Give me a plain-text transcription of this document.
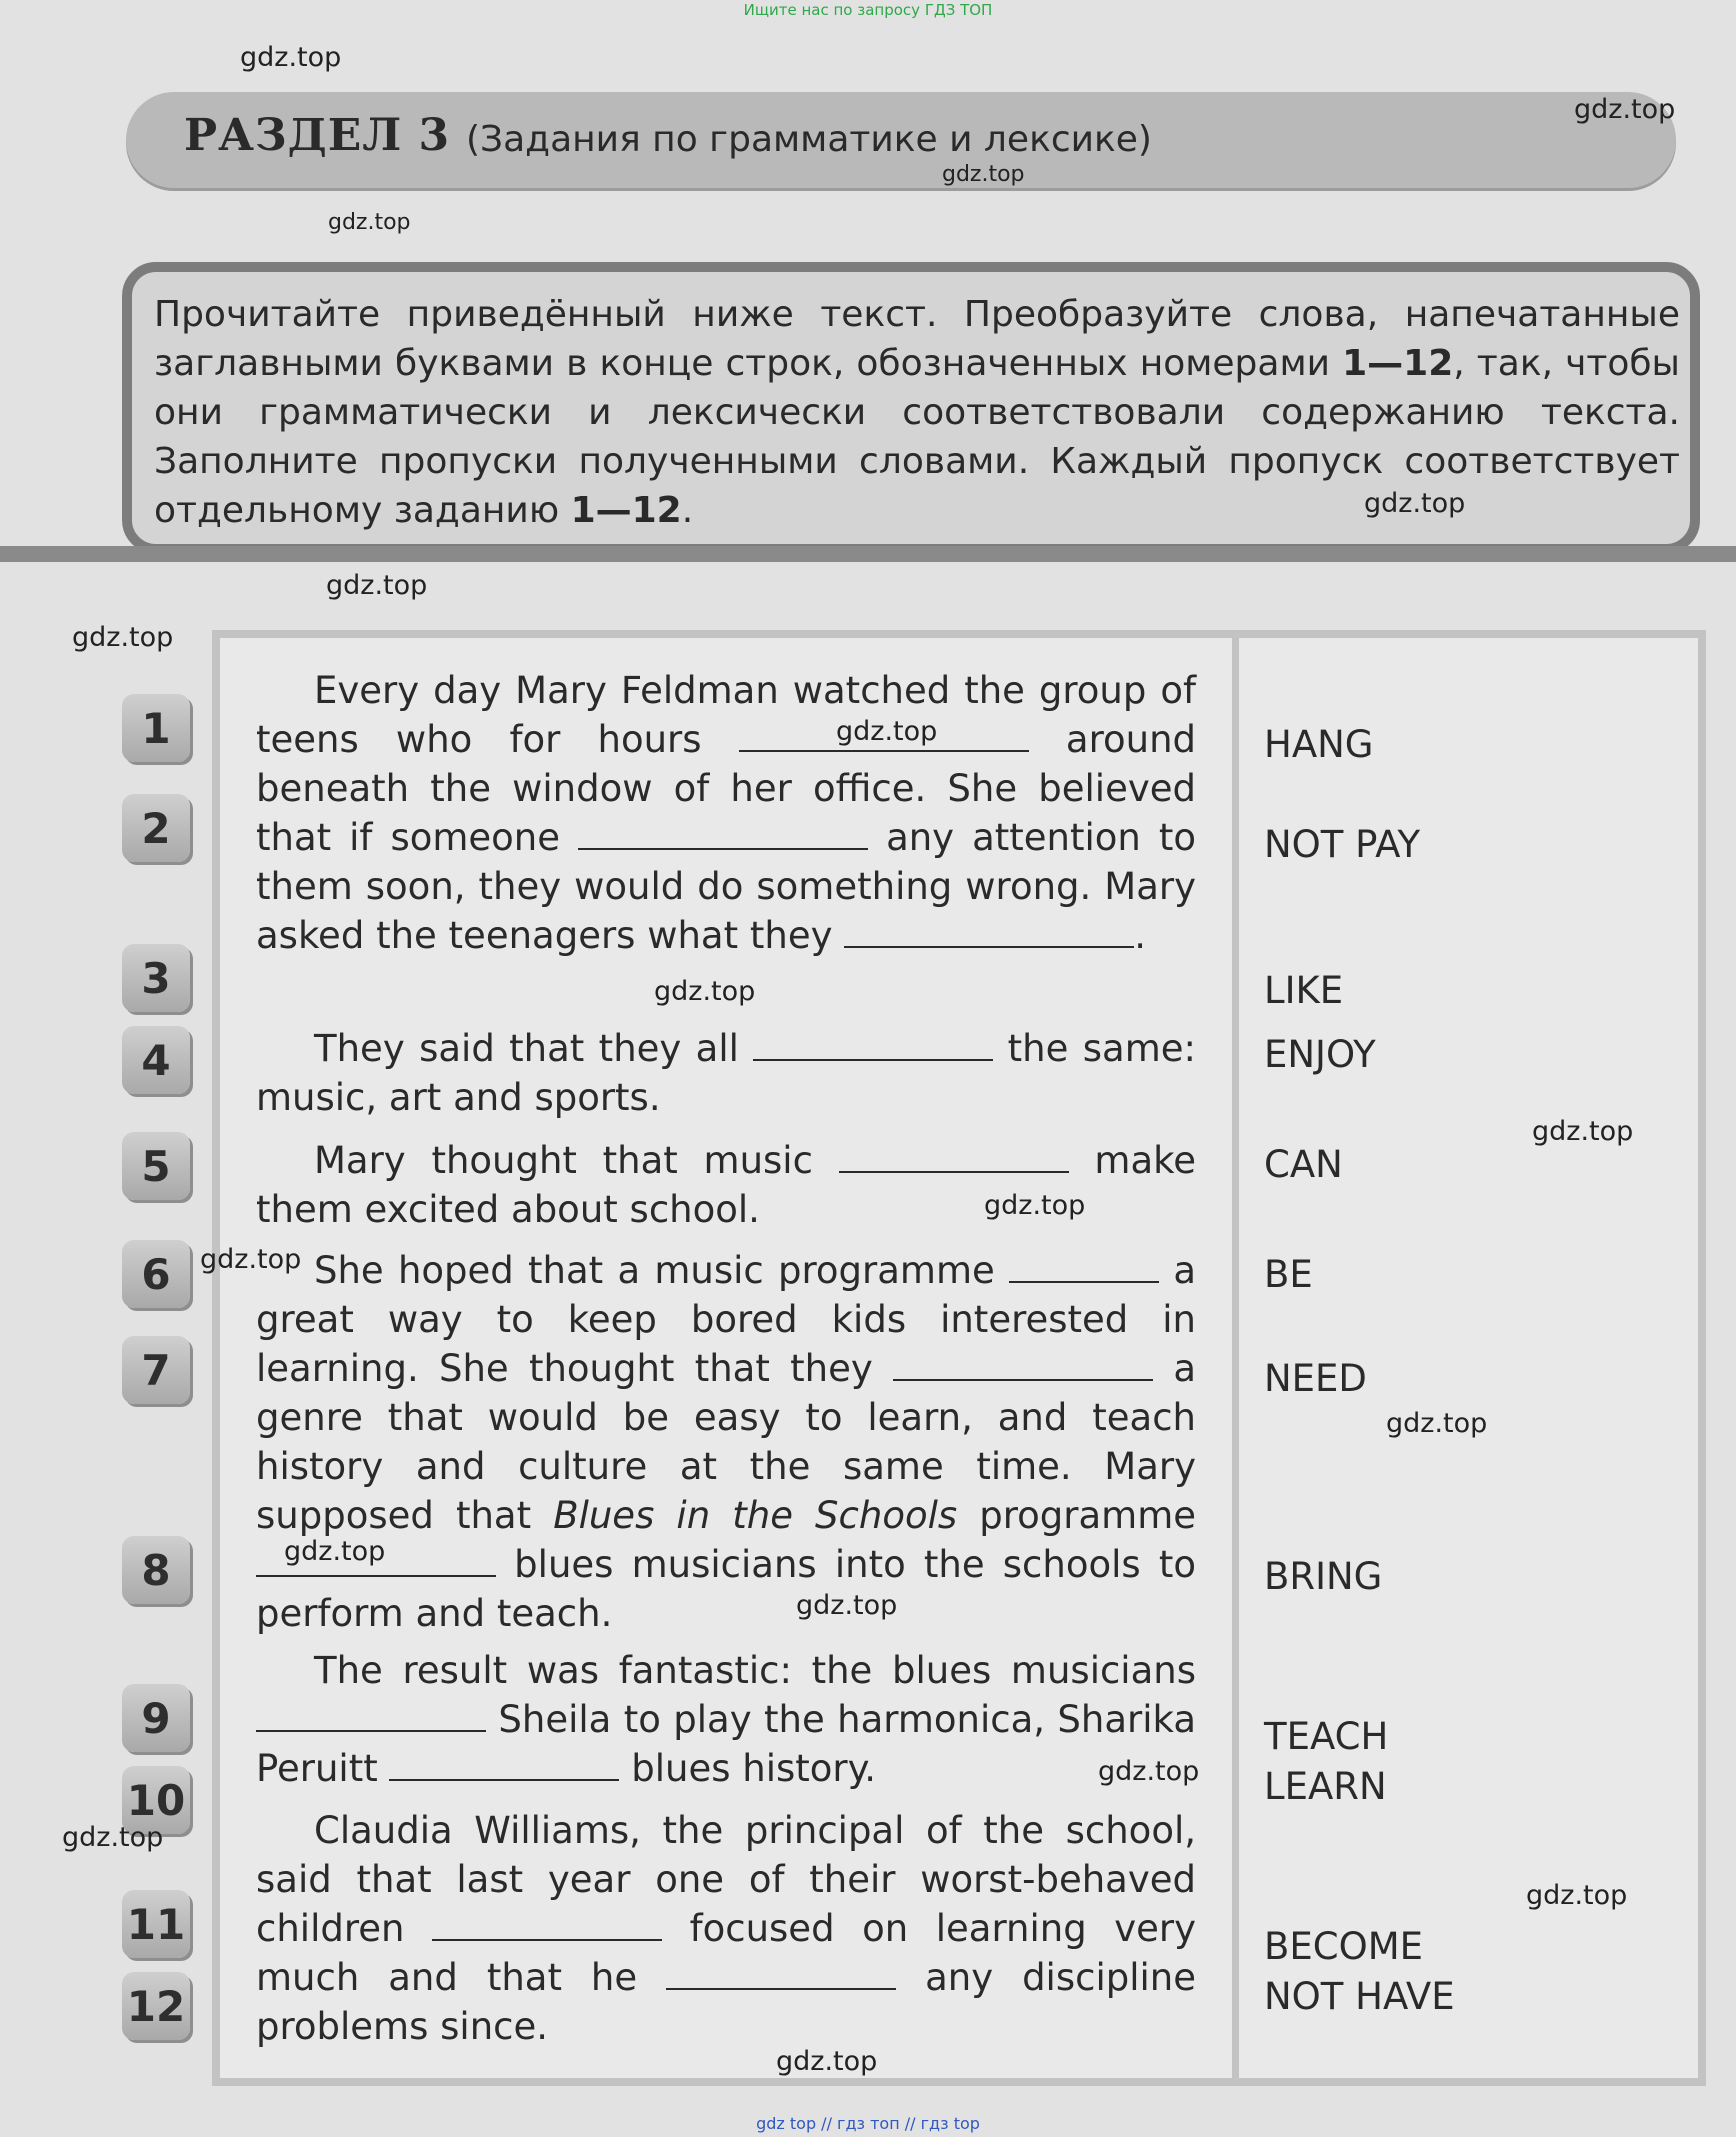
Ищите нас по запросу ГДЗ ТОП
РАЗДЕЛ 3 (Задания по грамматике и лексике)
Прочитайте приведённый ниже текст. Преобразуйте слова, напечатанные заглавными буквами в конце строк, обозначенных номерами 1—12, так, чтобы они грамматически и лексически соответствовали содержанию текста. Заполните пропуски полученными словами. Каждый пропуск соответствует отдельному заданию 1—12.

Every day Mary Feldman watched the group of teens who for hours	around beneath the window of her office. She believed that if someone	any attention to them soon, they would do something wrong. Mary asked the teenagers what they	.

They said that they all	the same: music, art and sports.

Mary thought that music	make them excited about school.

She hoped that a music programme	a great way to keep bored kids interested in learning. She thought that they	a genre that would be easy to learn, and teach history and culture at the same time. Mary supposed that Blues in the Schools programme  blues musicians into the schools to perform and teach.

The result was fantastic: the blues musicians  Sheila to play the harmonica, Sharika Peruitt	blues history.

Claudia Williams, the principal of the school, said that last year one of their worst-behaved children	focused on learning very much and that he	any discipline problems since.

HANG
NOT PAY
LIKE
ENJOY
CAN
BE
NEED
BRING
TEACH
LEARN
BECOME
NOT HAVE
1
2
3
4
5
6
7
8
9
10
11
12
gdz.top
gdz.top
gdz.top
gdz.top
gdz.top
gdz.top
gdz.top
gdz.top
gdz.top
gdz.top
gdz.top
gdz.top
gdz.top
gdz.top
gdz.top
gdz.top
gdz.top
gdz.top
gdz.top
gdz top // гдз топ // гдз top
